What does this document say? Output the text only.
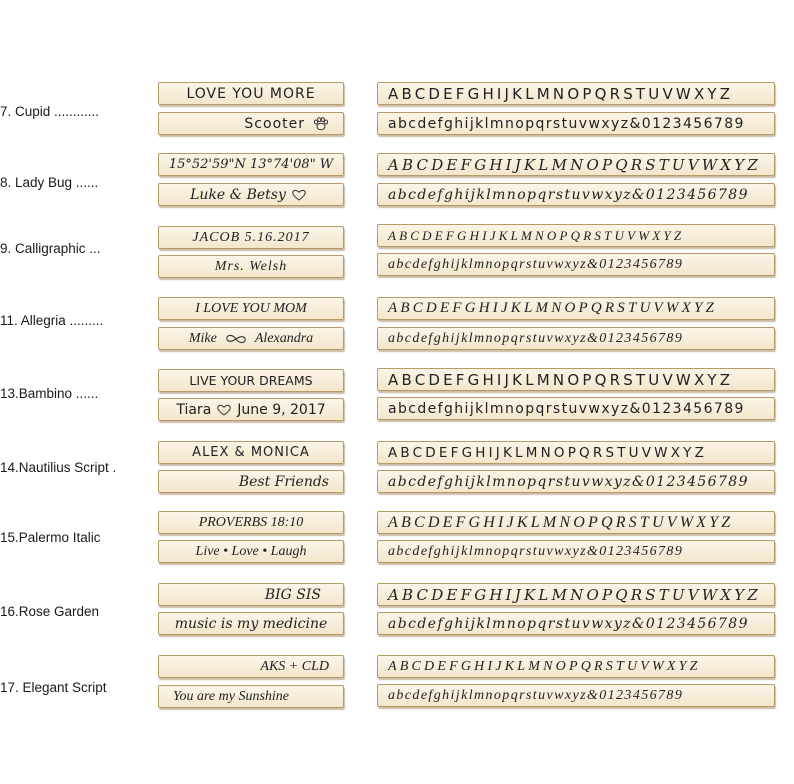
7. Cupid ............
LOVE YOU MORE
Scooter
ABCDEFGHIJKLMNOPQRSTUVWXYZ
abcdefghijklmnopqrstuvwxyz&0123456789
8. Lady Bug ......
15°52'59"N 13°74'08" W
Luke & Betsy
ABCDEFGHIJKLMNOPQRSTUVWXYZ
abcdefghijklmnopqrstuvwxyz&0123456789
9. Calligraphic ...
JACOB 5.16.2017
Mrs. Welsh
ABCDEFGHIJKLMNOPQRSTUVWXYZ
abcdefghijklmnopqrstuvwxyz&0123456789
11. Allegria .........
I LOVE YOU MOM
Mike	Alexandra
ABCDEFGHIJKLMNOPQRSTUVWXYZ
abcdefghijklmnopqrstuvwxyz&0123456789
13.Bambino ......
LIVE YOUR DREAMS
Tiara June 9, 2017
ABCDEFGHIJKLMNOPQRSTUVWXYZ
abcdefghijklmnopqrstuvwxyz&0123456789
14.Nautilius Script .
ALEX & MONICA
Best Friends
ABCDEFGHIJKLMNOPQRSTUVWXYZ
abcdefghijklmnopqrstuvwxyz&0123456789
15.Palermo Italic
PROVERBS 18:10
Live • Love • Laugh
ABCDEFGHIJKLMNOPQRSTUVWXYZ
abcdefghijklmnopqrstuvwxyz&0123456789
16.Rose Garden
BIG SIS
music is my medicine
ABCDEFGHIJKLMNOPQRSTUVWXYZ
abcdefghijklmnopqrstuvwxyz&0123456789
17. Elegant Script
AKS + CLD
You are my Sunshine
ABCDEFGHIJKLMNOPQRSTUVWXYZ
abcdefghijklmnopqrstuvwxyz&0123456789
